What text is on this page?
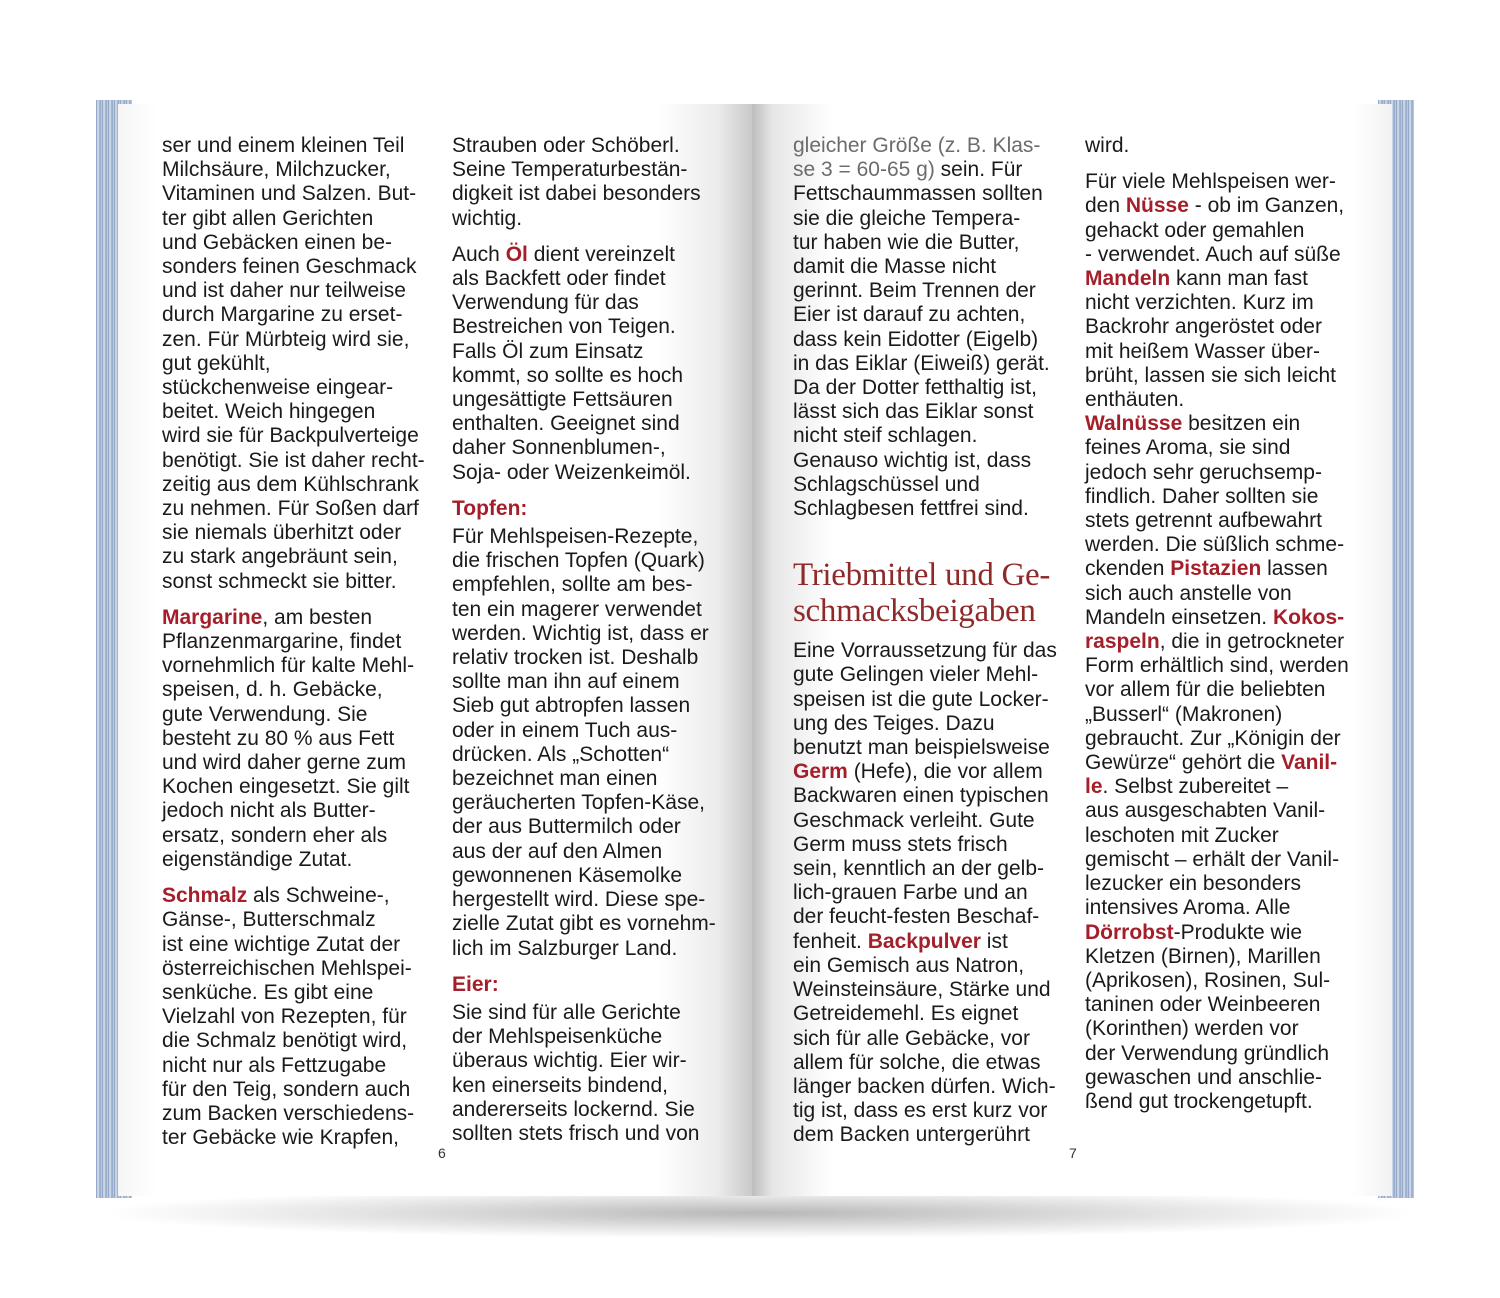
ser und einem kleinen Teil
Milchsäure, Milchzucker,
Vitaminen und Salzen. But-
ter gibt allen Gerichten
und Gebäcken einen be-
sonders feinen Geschmack
und ist daher nur teilweise
durch Margarine zu erset-
zen. Für Mürbteig wird sie,
gut gekühlt,
stückchenweise eingear-
beitet. Weich hingegen
wird sie für Backpulverteige
benötigt. Sie ist daher recht-
zeitig aus dem Kühlschrank
zu nehmen. Für Soßen darf
sie niemals überhitzt oder
zu stark angebräunt sein,
sonst schmeckt sie bitter.

Margarine, am besten
Pflanzenmargarine, findet
vornehmlich für kalte Mehl-
speisen, d. h. Gebäcke,
gute Verwendung. Sie
besteht zu 80 % aus Fett
und wird daher gerne zum
Kochen eingesetzt. Sie gilt
jedoch nicht als Butter-
ersatz, sondern eher als
eigenständige Zutat.

Schmalz als Schweine-,
Gänse-, Butterschmalz
ist eine wichtige Zutat der
österreichischen Mehlspei-
senküche. Es gibt eine
Vielzahl von Rezepten, für
die Schmalz benötigt wird,
nicht nur als Fettzugabe
für den Teig, sondern auch
zum Backen verschiedens-
ter Gebäcke wie Krapfen,

Strauben oder Schöberl.
Seine Temperaturbestän-
digkeit ist dabei besonders
wichtig.

Auch Öl dient vereinzelt
als Backfett oder findet
Verwendung für das
Bestreichen von Teigen.
Falls Öl zum Einsatz
kommt, so sollte es hoch
ungesättigte Fettsäuren
enthalten. Geeignet sind
daher Sonnenblumen-,
Soja- oder Weizenkeimöl.

Topfen:

Für Mehlspeisen-Rezepte,
die frischen Topfen (Quark)
empfehlen, sollte am bes-
ten ein magerer verwendet
werden. Wichtig ist, dass er
relativ trocken ist. Deshalb
sollte man ihn auf einem
Sieb gut abtropfen lassen
oder in einem Tuch aus-
drücken. Als „Schotten“
bezeichnet man einen
geräucherten Topfen-Käse,
der aus Buttermilch oder
aus der auf den Almen
gewonnenen Käsemolke
hergestellt wird. Diese spe-
zielle Zutat gibt es vornehm-
lich im Salzburger Land.

Eier:

Sie sind für alle Gerichte
der Mehlspeisenküche
überaus wichtig. Eier wir-
ken einerseits bindend,
andererseits lockernd. Sie
sollten stets frisch und von

gleicher Größe (z. B. Klas-
se 3 = 60-65 g) sein. Für
Fettschaummassen sollten
sie die gleiche Tempera-
tur haben wie die Butter,
damit die Masse nicht
gerinnt. Beim Trennen der
Eier ist darauf zu achten,
dass kein Eidotter (Eigelb)
in das Eiklar (Eiweiß) gerät.
Da der Dotter fetthaltig ist,
lässt sich das Eiklar sonst
nicht steif schlagen.
Genauso wichtig ist, dass
Schlagschüssel und
Schlagbesen fettfrei sind.

Triebmittel und Ge-
schmacksbeigaben

Eine Vorraussetzung für das
gute Gelingen vieler Mehl-
speisen ist die gute Locker-
ung des Teiges. Dazu
benutzt man beispielsweise
Germ (Hefe), die vor allem
Backwaren einen typischen
Geschmack verleiht. Gute
Germ muss stets frisch
sein, kenntlich an der gelb-
lich-grauen Farbe und an
der feucht-festen Beschaf-
fenheit. Backpulver ist
ein Gemisch aus Natron,
Weinsteinsäure, Stärke und
Getreidemehl. Es eignet
sich für alle Gebäcke, vor
allem für solche, die etwas
länger backen dürfen. Wich-
tig ist, dass es erst kurz vor
dem Backen untergerührt

wird.

Für viele Mehlspeisen wer-
den Nüsse - ob im Ganzen,
gehackt oder gemahlen
- verwendet. Auch auf süße
Mandeln kann man fast
nicht verzichten. Kurz im
Backrohr angeröstet oder
mit heißem Wasser über-
brüht, lassen sie sich leicht
enthäuten.
Walnüsse besitzen ein
feines Aroma, sie sind
jedoch sehr geruchsemp-
findlich. Daher sollten sie
stets getrennt aufbewahrt
werden. Die süßlich schme-
ckenden Pistazien lassen
sich auch anstelle von
Mandeln einsetzen. Kokos-
raspeln, die in getrockneter
Form erhältlich sind, werden
vor allem für die beliebten
„Busserl“ (Makronen)
gebraucht. Zur „Königin der
Gewürze“ gehört die Vanil-
le. Selbst zubereitet –
aus ausgeschabten Vanil-
leschoten mit Zucker
gemischt – erhält der Vanil-
lezucker ein besonders
intensives Aroma. Alle
Dörrobst-Produkte wie
Kletzen (Birnen), Marillen
(Aprikosen), Rosinen, Sul-
taninen oder Weinbeeren
(Korinthen) werden vor
der Verwendung gründlich
gewaschen und anschlie-
ßend gut trockengetupft.

6	7
